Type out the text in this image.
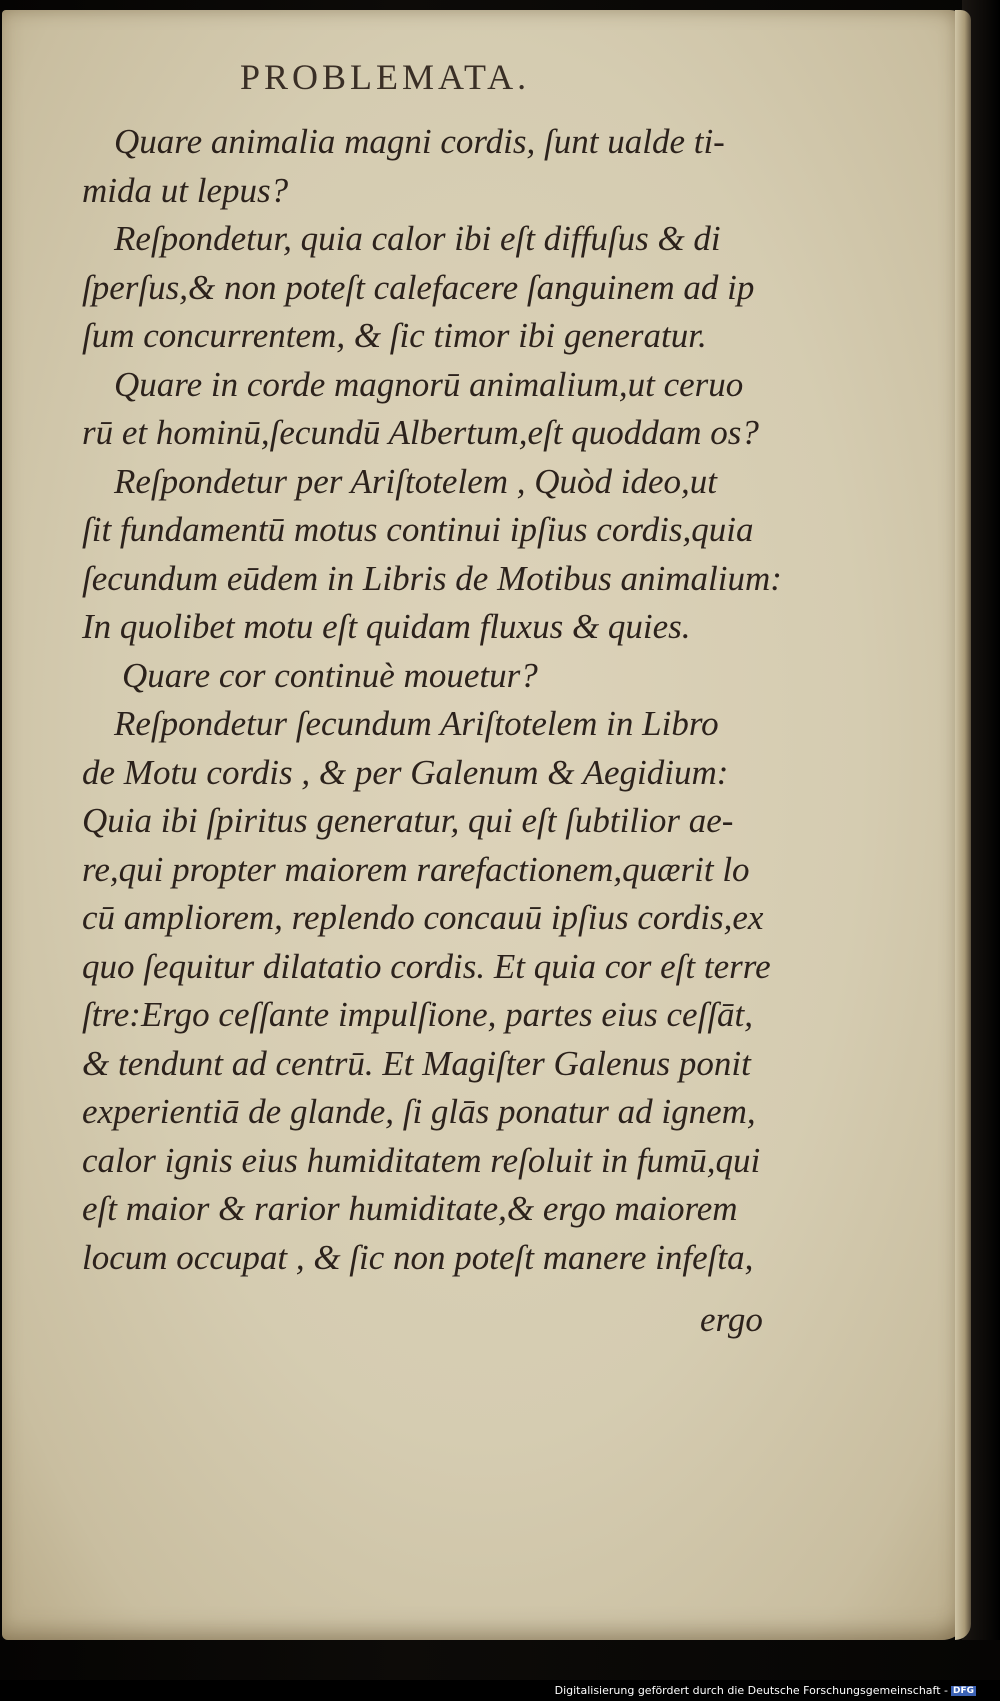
PROBLEMATA.
Quare animalia magni cordis, ſunt ualde ti-
mida ut lepus?
Reſpondetur, quia calor ibi eſt diffuſus & di
ſperſus,& non poteſt calefacere ſanguinem ad ip
ſum concurrentem, & ſic timor ibi generatur.
Quare in corde magnorū animalium,ut ceruo
rū et hominū,ſecundū Albertum,eſt quoddam os?
Reſpondetur per Ariſtotelem , Quòd ideo,ut
ſit fundamentū motus continui ipſius cordis,quia
ſecundum eūdem in Libris de Motibus animalium:
In quolibet motu eſt quidam fluxus & quies.
Quare cor continuè mouetur?
Reſpondetur ſecundum Ariſtotelem in Libro
de Motu cordis , & per Galenum & Aegidium:
Quia ibi ſpiritus generatur, qui eſt ſubtilior ae-
re,qui propter maiorem rarefactionem,quærit lo
cū ampliorem, replendo concauū ipſius cordis,ex
quo ſequitur dilatatio cordis. Et quia cor eſt terre
ſtre:Ergo ceſſante impulſione, partes eius ceſſāt,
& tendunt ad centrū. Et Magiſter Galenus ponit
experientiā de glande, ſi glās ponatur ad ignem,
calor ignis eius humiditatem reſoluit in fumū,qui
eſt maior & rarior humiditate,& ergo maiorem
locum occupat , & ſic non poteſt manere infeſta,
ergo
Digitalisierung gefördert durch die Deutsche Forschungsgemeinschaft - DFG
